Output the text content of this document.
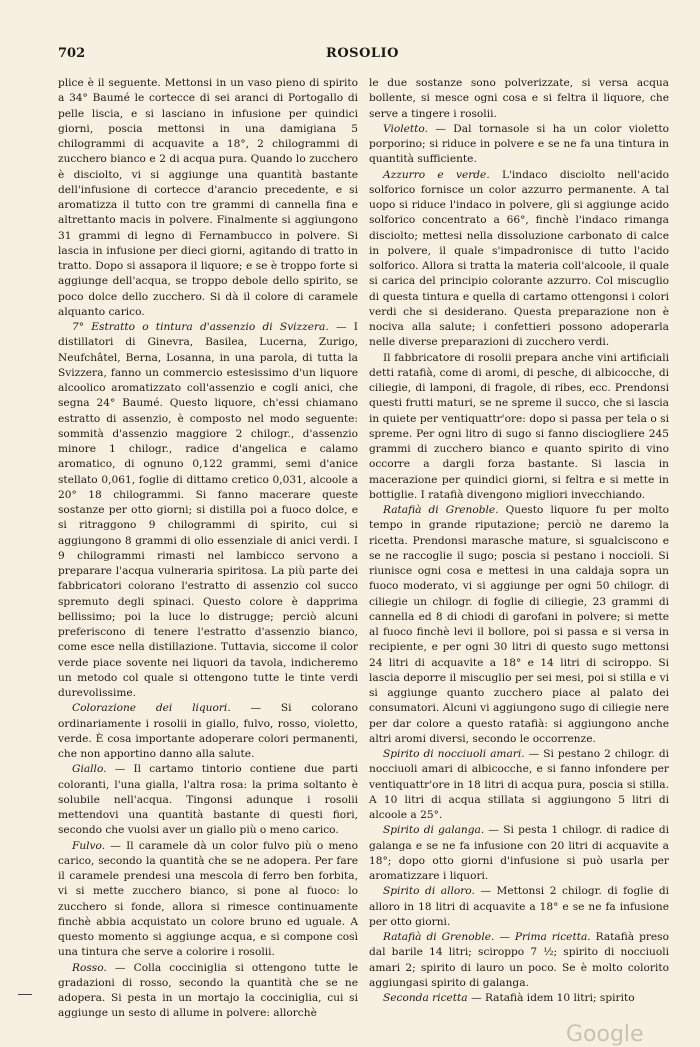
702	ROSOLIO

plice è il seguente. Mettonsi in un vaso pieno di spirito a 34° Baumé le cortecce di sei aranci di Portogallo di pelle liscia, e si lasciano in infusione per quindici giorni, poscia mettonsi in una damigiana 5 chilogrammi di acquavite a 18°, 2 chilogrammi di zucchero bianco e 2 di acqua pura. Quando lo zucchero è disciolto, vi si aggiunge una quantità bastante dell'infusione di cortecce d'arancio precedente, e si aromatizza il tutto con tre grammi di cannella fina e altrettanto macis in polvere. Finalmente si aggiungono 31 grammi di legno di Fernambucco in polvere. Si lascia in infusione per dieci giorni, agitando di tratto in tratto. Dopo si assapora il liquore; e se è troppo forte si aggiunge dell'acqua, se troppo debole dello spirito, se poco dolce dello zucchero. Si dà il colore di caramele alquanto carico.

7° Estratto o tintura d'assenzio di Svizzera. — I distillatori di Ginevra, Basilea, Lucerna, Zurigo, Neufchâtel, Berna, Losanna, in una parola, di tutta la Svizzera, fanno un commercio estesissimo d'un liquore alcoolico aromatizzato coll'assenzio e cogli anici, che segna 24° Baumé. Questo liquore, ch'essi chiamano estratto di assenzio, è composto nel modo seguente: sommità d'assenzio maggiore 2 chilogr., d'assenzio minore 1 chilogr., radice d'angelica e calamo aromatico, di ognuno 0,122 grammi, semi d'anice stellato 0,061, foglie di dittamo cretico 0,031, alcoole a 20° 18 chilogrammi. Si fanno macerare queste sostanze per otto giorni; si distilla poi a fuoco dolce, e si ritraggono 9 chilogrammi di spirito, cui si aggiungono 8 grammi di olio essenziale di anici verdi. I 9 chilogrammi rimasti nel lambicco servono a preparare l'acqua vulneraria spiritosa. La più parte dei fabbricatori colorano l'estratto di assenzio col succo spremuto degli spinaci. Questo colore è dapprima bellissimo; poi la luce lo distrugge; perciò alcuni preferiscono di tenere l'estratto d'assenzio bianco, come esce nella distillazione. Tuttavia, siccome il color verde piace sovente nei liquori da tavola, indicheremo un metodo col quale si ottengono tutte le tinte verdi durevolissime.

Colorazione dei liquori. — Si colorano ordinariamente i rosolii in giallo, fulvo, rosso, violetto, verde. È cosa importante adoperare colori permanenti, che non apportino danno alla salute.

Giallo. — Il cartamo tintorio contiene due parti coloranti, l'una gialla, l'altra rosa: la prima soltanto è solubile nell'acqua. Tingonsi adunque i rosolii mettendovi una quantità bastante di questi fiori, secondo che vuolsi aver un giallo più o meno carico.

Fulvo. — Il caramele dà un color fulvo più o meno carico, secondo la quantità che se ne adopera. Per fare il caramele prendesi una mescola di ferro ben forbita, vi si mette zucchero bianco, si pone al fuoco: lo zucchero si fonde, allora si rimesce continuamente finchè abbia acquistato un colore bruno ed uguale. A questo momento si aggiunge acqua, e si compone così una tintura che serve a colorire i rosolii.

Rosso. — Colla cocciniglia si ottengono tutte le gradazioni di rosso, secondo la quantità che se ne adopera. Si pesta in un mortajo la cocciniglia, cui si aggiunge un sesto di allume in polvere: allorchè

le due sostanze sono polverizzate, si versa acqua bollente, si mesce ogni cosa e si feltra il liquore, che serve a tingere i rosolii.

Violetto. — Dal tornasole si ha un color violetto porporino; si riduce in polvere e se ne fa una tintura in quantità sufficiente.

Azzurro e verde. L'indaco disciolto nell'acido solforico fornisce un color azzurro permanente. A tal uopo si riduce l'indaco in polvere, gli si aggiunge acido solforico concentrato a 66°, finchè l'indaco rimanga disciolto; mettesi nella dissoluzione carbonato di calce in polvere, il quale s'impadronisce di tutto l'acido solforico. Allora si tratta la materia coll'alcoole, il quale si carica del principio colorante azzurro. Col miscuglio di questa tintura e quella di cartamo ottengonsi i colori verdi che si desiderano. Questa preparazione non è nociva alla salute; i confettieri possono adoperarla nelle diverse preparazioni di zucchero verdi.

Il fabbricatore di rosolii prepara anche vini artificiali detti ratafià, come di aromi, di pesche, di albicocche, di ciliegie, di lamponi, di fragole, di ribes, ecc. Prendonsi questi frutti maturi, se ne spreme il succo, che si lascia in quiete per ventiquattr'ore: dopo si passa per tela o si spreme. Per ogni litro di sugo si fanno disciogliere 245 grammi di zucchero bianco e quanto spirito di vino occorre a dargli forza bastante. Si lascia in macerazione per quindici giorni, si feltra e si mette in bottiglie. I ratafià divengono migliori invecchiando.

Ratafià di Grenoble. Questo liquore fu per molto tempo in grande riputazione; perciò ne daremo la ricetta. Prendonsi marasche mature, si sgualciscono e se ne raccoglie il sugo; poscia si pestano i noccioli. Si riunisce ogni cosa e mettesi in una caldaja sopra un fuoco moderato, vi si aggiunge per ogni 50 chilogr. di ciliegie un chilogr. di foglie di ciliegie, 23 grammi di cannella ed 8 di chiodi di garofani in polvere; si mette al fuoco finchè levi il bollore, poi si passa e si versa in recipiente, e per ogni 30 litri di questo sugo mettonsi 24 litri di acquavite a 18° e 14 litri di sciroppo. Si lascia deporre il miscuglio per sei mesi, poi si stilla e vi si aggiunge quanto zucchero piace al palato dei consumatori. Alcuni vi aggiungono sugo di ciliegie nere per dar colore a questo ratafià: si aggiungono anche altri aromi diversi, secondo le occorrenze.

Spirito di nocciuoli amari. — Si pestano 2 chilogr. di nocciuoli amari di albicocche, e si fanno infondere per ventiquattr'ore in 18 litri di acqua pura, poscia si stilla. A 10 litri di acqua stillata si aggiungono 5 litri di alcoole a 25°.

Spirito di galanga. — Si pesta 1 chilogr. di radice di galanga e se ne fa infusione con 20 litri di acquavite a 18°; dopo otto giorni d'infusione si può usarla per aromatizzare i liquori.

Spirito di alloro. — Mettonsi 2 chilogr. di foglie di alloro in 18 litri di acquavite a 18° e se ne fa infusione per otto giorni.

Ratafià di Grenoble. — Prima ricetta. Ratafià preso dal barile 14 litri; sciroppo 7 ½; spirito di nocciuoli amari 2; spirito di lauro un poco. Se è molto colorito aggiungasi spirito di galanga.

Seconda ricetta — Ratafià idem 10 litri; spirito

Google
